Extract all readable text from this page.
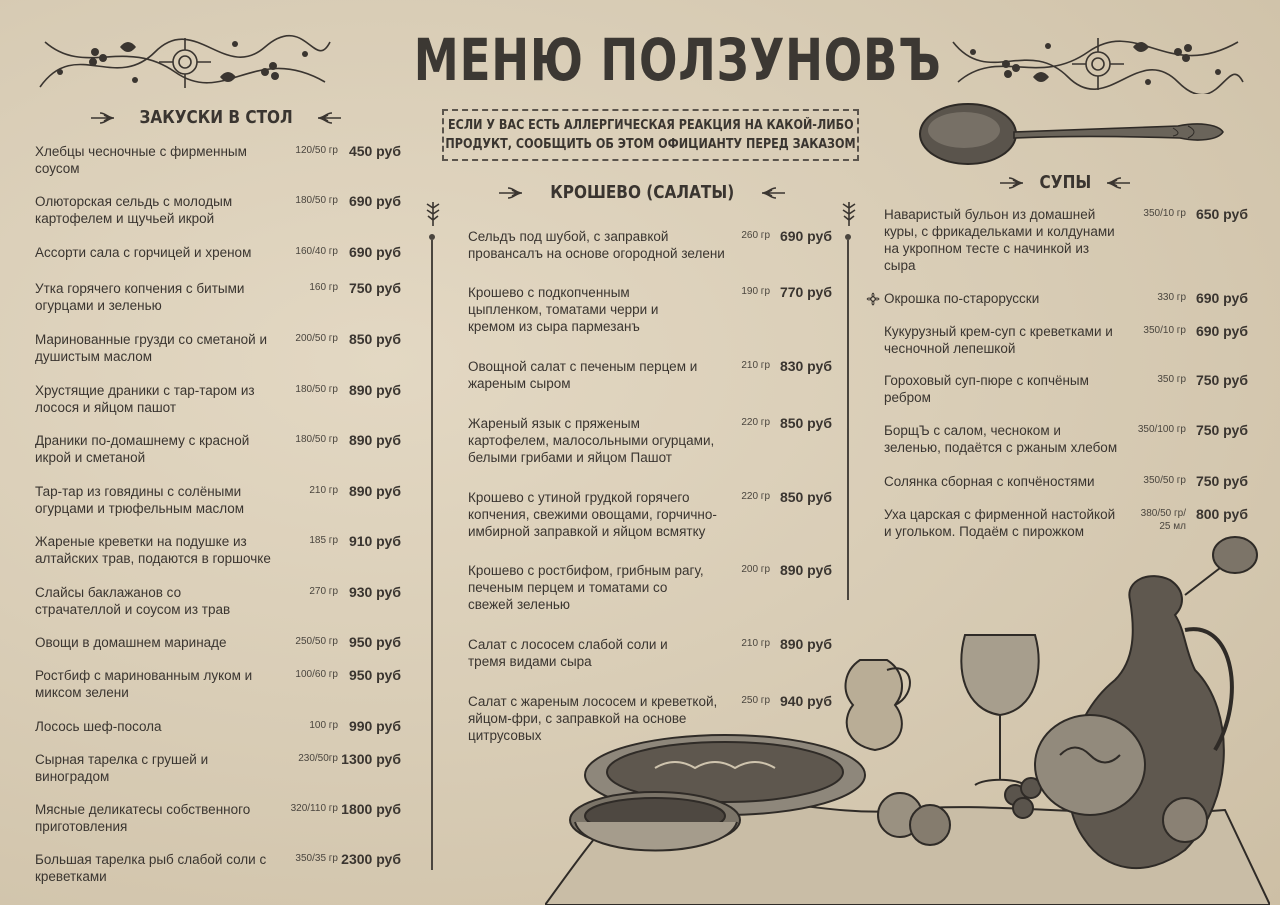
МЕНЮ ПОЛЗУНОВЪ
ЗАКУСКИ В СТОЛ	ЕСЛИ У ВАС ЕСТЬ АЛЛЕРГИЧЕСКАЯ РЕАКЦИЯ НА КАКОЙ-ЛИБО
ПРОДУКТ, СООБЩИТЬ ОБ ЭТОМ ОФИЦИАНТУ ПЕРЕД ЗАКАЗОМ
КРОШЕВО (САЛАТЫ)	СУПЫ
Хлебцы чесночные с фирменным
соусом
120/50 гр 450 руб
Олюторская сельдь с молодым
картофелем и щучьей икрой
180/50 гр 690 руб
Ассорти сала с горчицей и хреном	160/40 гр 690 руб
Утка горячего копчения с битыми
огурцами и зеленью
160 гр 750 руб
Маринованные грузди со сметаной и
душистым маслом
200/50 гр 850 руб
Хрустящие драники с тар-таром из
лосося и яйцом пашот
180/50 гр 890 руб
Драники по-домашнему с красной
икрой и сметаной
180/50 гр 890 руб
Тар-тар из говядины с солёными
огурцами и трюфельным маслом
210 гр 890 руб
Жареные креветки на подушке из
алтайских трав, подаются в горшочке
185 гр 910 руб
Слайсы баклажанов со
страчателлой и соусом из трав
270 гр 930 руб
Овощи в домашнем маринаде	250/50 гр 950 руб
Ростбиф с маринованным луком и
миксом зелени
100/60 гр 950 руб
Лосось шеф-посола	100 гр 990 руб
Сырная тарелка с грушей и
виноградом
230/50гр 1300 руб
Мясные деликатесы собственного
приготовления
320/110 гр 1800 руб
Большая тарелка рыб слабой соли с
креветками
350/35 гр 2300 руб
Сельдъ под шубой, с заправкой
провансалъ на основе огородной зелени
260 гр 690 руб
Крошево с подкопченным
цыпленком, томатами черри и
кремом из сыра пармезанъ
190 гр 770 руб
Овощной салат с печеным перцем и
жареным сыром
210 гр 830 руб
Жареный язык с пряженым
картофелем, малосольными огурцами,
белыми грибами и яйцом Пашот
220 гр 850 руб
Крошево с утиной грудкой горячего
копчения, свежими овощами, горчично-
имбирной заправкой и яйцом всмятку
220 гр 850 руб
Крошево с ростбифом, грибным рагу,
печеным перцем и томатами со
свежей зеленью
200 гр 890 руб
Салат с лососем слабой соли и
тремя видами сыра
210 гр 890 руб
Салат с жареным лососем и креветкой,
яйцом-фри, с заправкой на основе
цитрусовых
250 гр 940 руб
Наваристый бульон из домашней
куры, с фрикадельками и колдунами
на укропном тесте с начинкой из
сыра
350/10 гр 650 руб
Окрошка по-старорусски	330 гр 690 руб
Кукурузный крем-суп с креветками и
чесночной лепешкой
350/10 гр 690 руб
Гороховый суп-пюре с копчёным
ребром
350 гр 750 руб
БорщЪ с салом, чесноком и
зеленью, подаётся с ржаным хлебом
350/100 гр 750 руб
Солянка сборная с копчёностями	350/50 гр 750 руб
Уха царская с фирменной настойкой
и угольком. Подаём с пирожком
380/50 гр/
25 мл
800 руб
